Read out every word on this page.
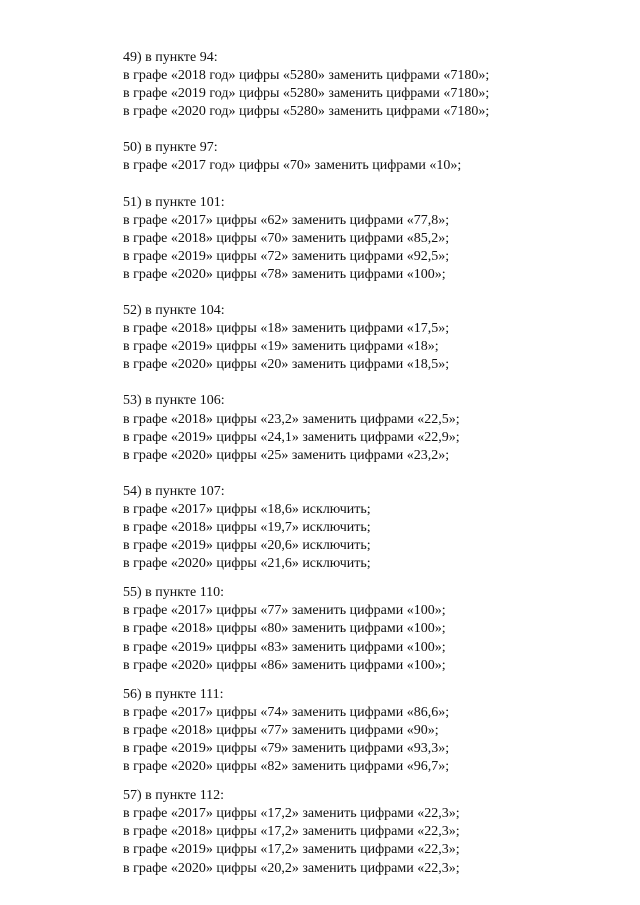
49) в пункте 94:
в графе «2018 год» цифры «5280» заменить цифрами «7180»;
в графе «2019 год» цифры «5280» заменить цифрами «7180»;
в графе «2020 год» цифры «5280» заменить цифрами «7180»;
50) в пункте 97:
в графе «2017 год» цифры «70» заменить цифрами «10»;
51) в пункте 101:
в графе «2017» цифры «62» заменить цифрами «77,8»;
в графе «2018» цифры «70» заменить цифрами «85,2»;
в графе «2019» цифры «72» заменить цифрами «92,5»;
в графе «2020» цифры «78» заменить цифрами «100»;
52) в пункте 104:
в графе «2018» цифры «18» заменить цифрами «17,5»;
в графе «2019» цифры «19» заменить цифрами «18»;
в графе «2020» цифры «20» заменить цифрами «18,5»;
53) в пункте 106:
в графе «2018» цифры «23,2» заменить цифрами «22,5»;
в графе «2019» цифры «24,1» заменить цифрами «22,9»;
в графе «2020» цифры «25» заменить цифрами «23,2»;
54) в пункте 107:
в графе «2017» цифры «18,6» исключить;
в графе «2018» цифры «19,7» исключить;
в графе «2019» цифры «20,6» исключить;
в графе «2020» цифры «21,6» исключить;
55) в пункте 110:
в графе «2017» цифры «77» заменить цифрами «100»;
в графе «2018» цифры «80» заменить цифрами «100»;
в графе «2019» цифры «83» заменить цифрами «100»;
в графе «2020» цифры «86» заменить цифрами «100»;
56) в пункте 111:
в графе «2017» цифры «74» заменить цифрами «86,6»;
в графе «2018» цифры «77» заменить цифрами «90»;
в графе «2019» цифры «79» заменить цифрами «93,3»;
в графе «2020» цифры «82» заменить цифрами «96,7»;
57) в пункте 112:
в графе «2017» цифры «17,2» заменить цифрами «22,3»;
в графе «2018» цифры «17,2» заменить цифрами «22,3»;
в графе «2019» цифры «17,2» заменить цифрами «22,3»;
в графе «2020» цифры «20,2» заменить цифрами «22,3»;
